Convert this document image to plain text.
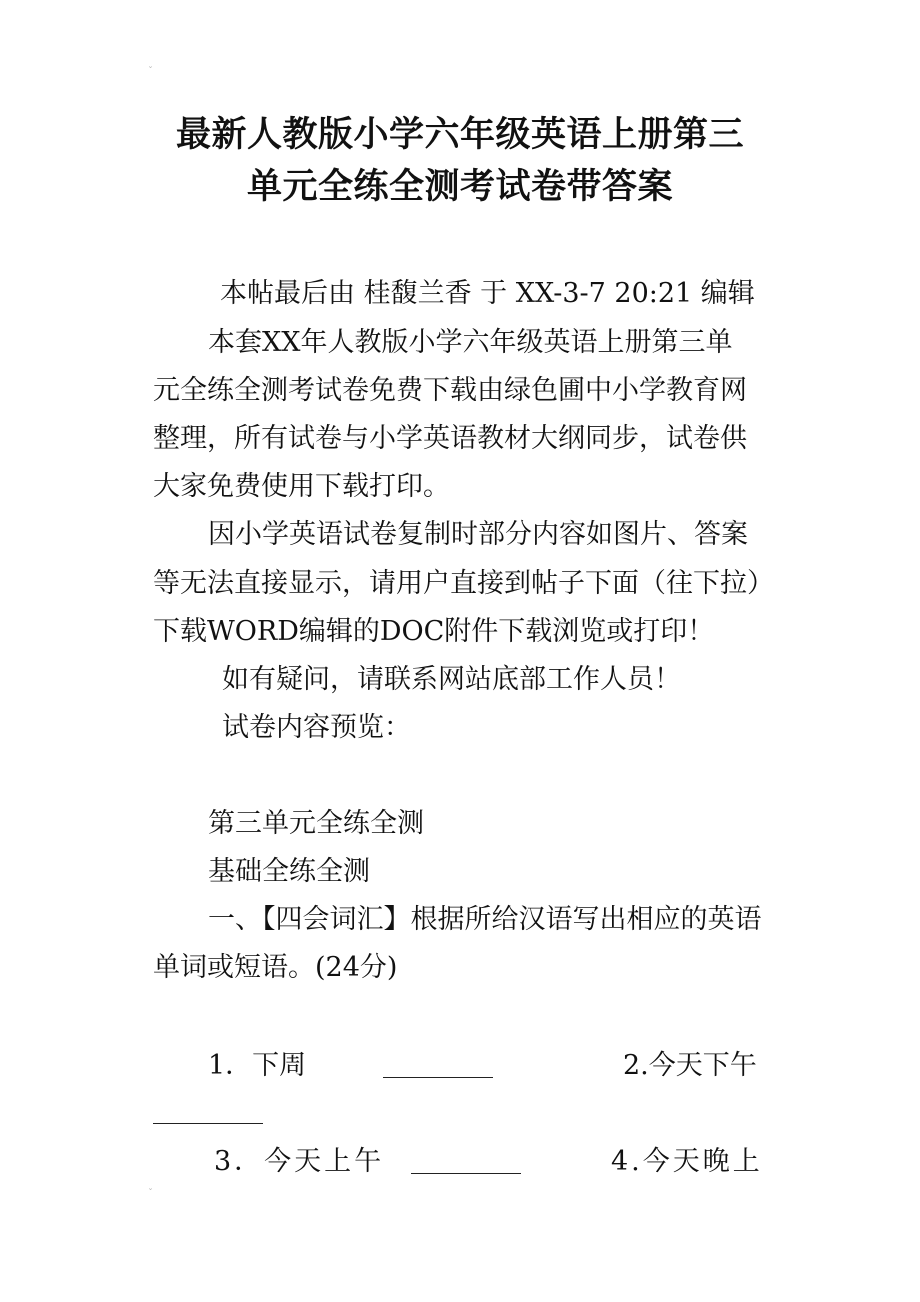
ˇ
ˇ
最新人教版小学六年级英语上册第三
单元全练全测考试卷带答案
本帖最后由 桂馥兰香 于 XX-3-7 20:21 编辑
本套XX年人教版小学六年级英语上册第三单
元全练全测考试卷免费下载由绿色圃中小学教育网
整理，所有试卷与小学英语教材大纲同步，试卷供
大家免费使用下载打印。
因小学英语试卷复制时部分内容如图片、答案
等无法直接显示，请用户直接到帖子下面（往下拉）
下载WORD编辑的DOC附件下载浏览或打印！
如有疑问，请联系网站底部工作人员！
试卷内容预览：
第三单元全练全测
基础全练全测
一、【四会词汇】根据所给汉语写出相应的英语
单词或短语。(24分)
1．下周	2.今天下午
3．今天上午	4.今天晚上
